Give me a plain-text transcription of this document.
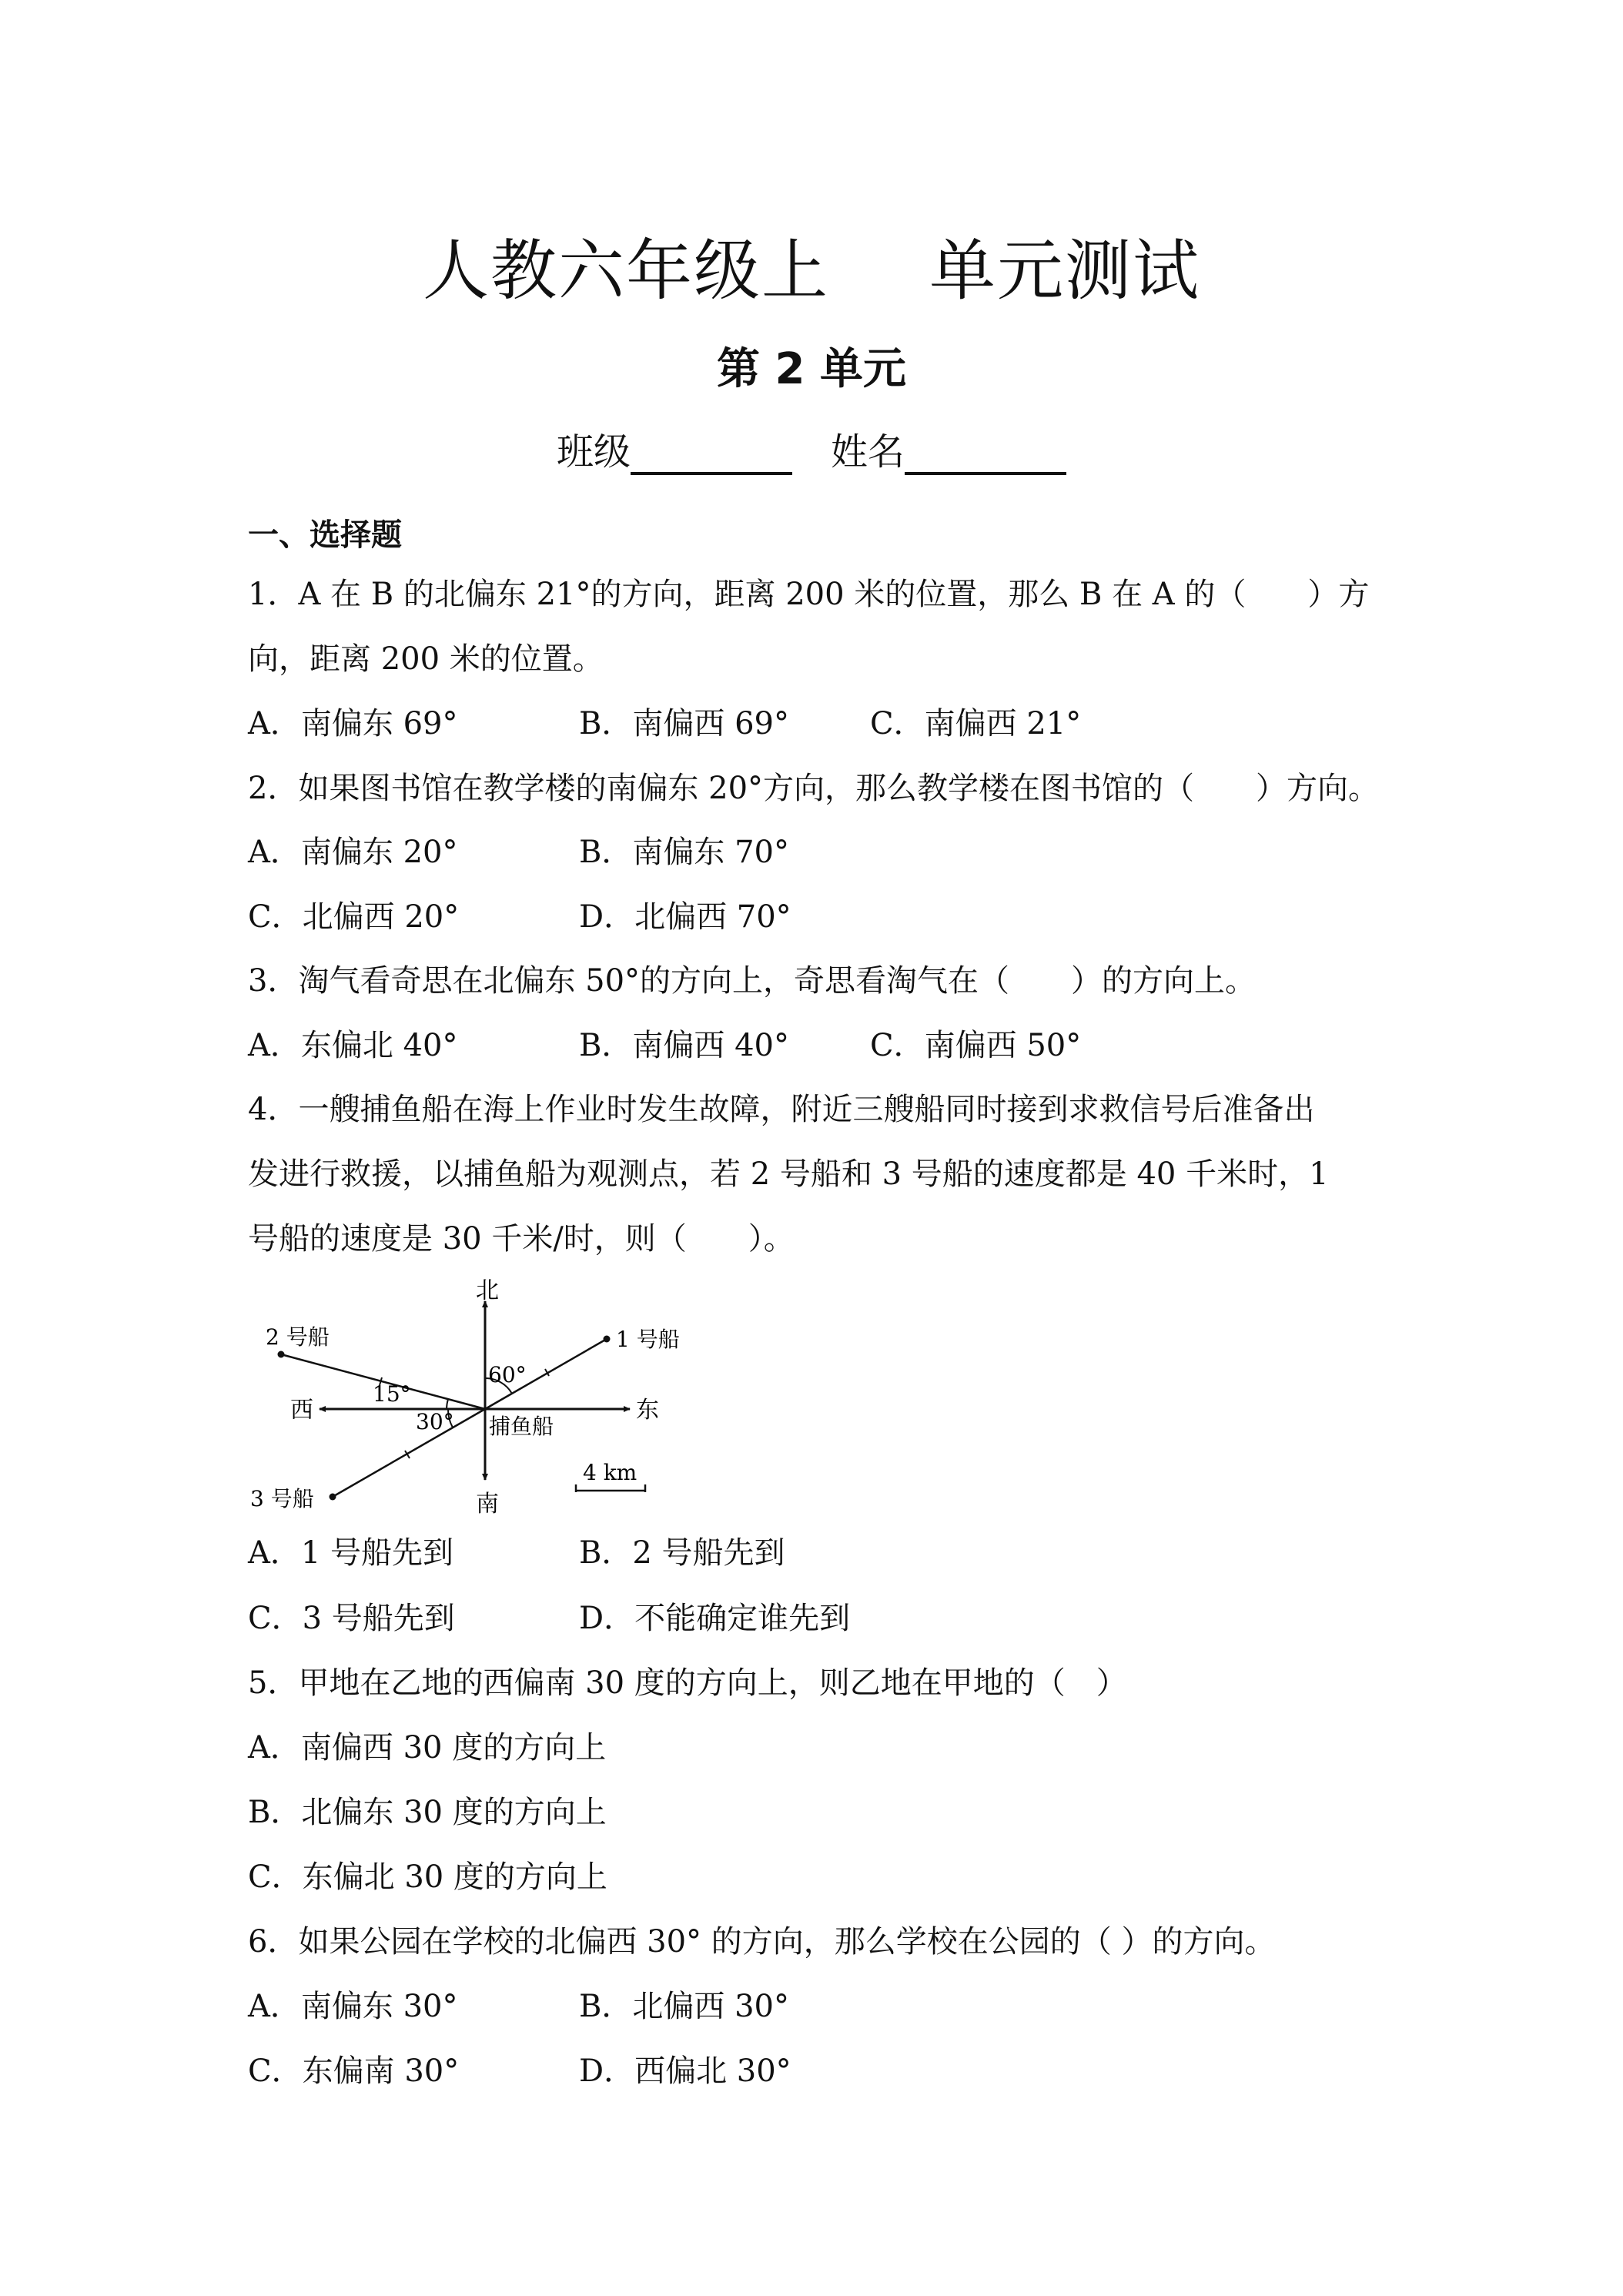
人教六年级上 单元测试
第 2 单元
班级	姓名
一、选择题
1．A 在 B 的北偏东 21°的方向，距离 200 米的位置，那么 B 在 A 的（　　）方
向，距离 200 米的位置。
A．南偏东 69°	B．南偏西 69°	C．南偏西 21°
2．如果图书馆在教学楼的南偏东 20°方向，那么教学楼在图书馆的（　　）方向。
A．南偏东 20°	B．南偏东 70°
C．北偏西 20°	D．北偏西 70°
3．淘气看奇思在北偏东 50°的方向上，奇思看淘气在（　　）的方向上。
A．东偏北 40°	B．南偏西 40°	C．南偏西 50°
4．一艘捕鱼船在海上作业时发生故障，附近三艘船同时接到求救信号后准备出
发进行救援，以捕鱼船为观测点，若 2 号船和 3 号船的速度都是 40 千米时，1
号船的速度是 30 千米/时，则（　　）。
北
南
东
西
捕鱼船
1 号船
2 号船
3 号船
60°
15°
30°
4 km
A．1 号船先到	B．2 号船先到
C．3 号船先到	D．不能确定谁先到
5．甲地在乙地的西偏南 30 度的方向上，则乙地在甲地的（　）
A．南偏西 30 度的方向上
B．北偏东 30 度的方向上
C．东偏北 30 度的方向上
6．如果公园在学校的北偏西 30° 的方向，那么学校在公园的（ ）的方向。
A．南偏东 30°	B．北偏西 30°
C．东偏南 30°	D．西偏北 30°
